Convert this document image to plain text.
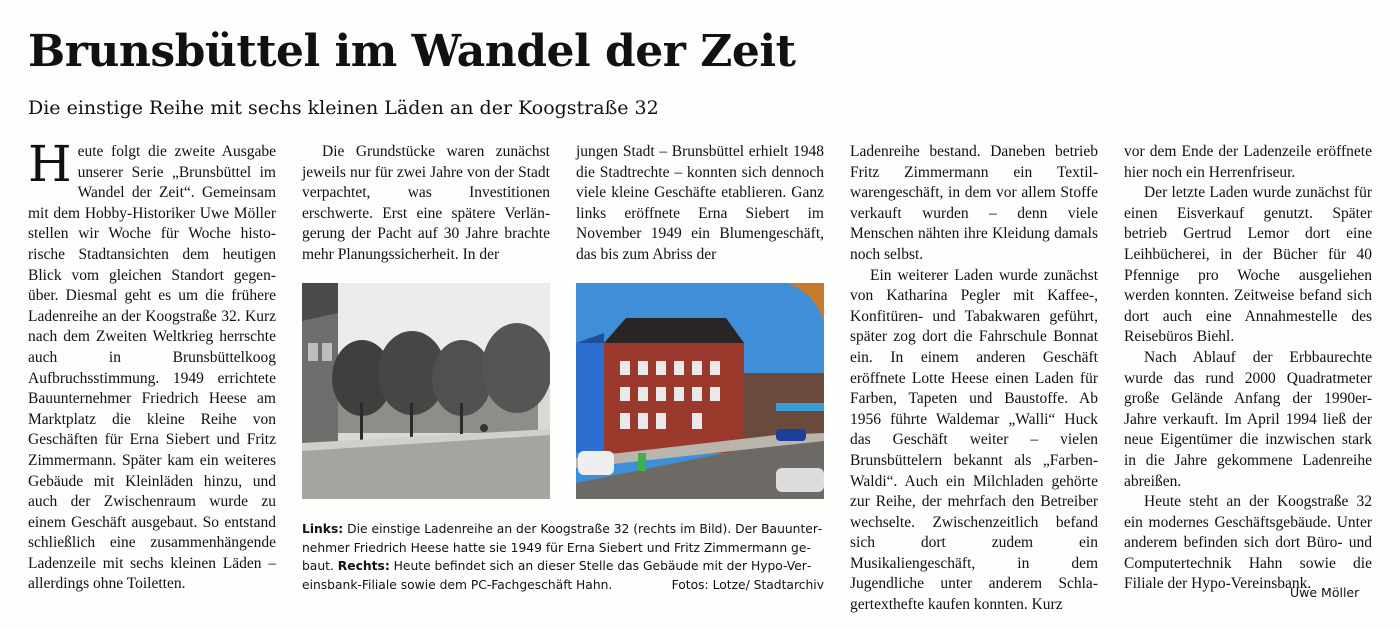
Brunsbüttel im Wandel der Zeit
Die einstige Reihe mit sechs kleinen Läden an der Koogstraße 32
H eute folgt die zweite Ausgabe unserer Serie „Brunsbüttel im Wandel der Zeit“. Gemeinsam mit dem Hobby-Historiker Uwe Möller stellen wir Woche für Woche historische Stadtansichten dem heutigen Blick vom gleichen Standort gegenüber. Diesmal geht es um die frühere Ladenreihe an der Koogstraße 32. Kurz nach dem Zweiten Weltkrieg herrschte auch in Brunsbüttelkoog Aufbruchsstimmung. 1949 errichtete Bauunternehmer Friedrich Heese am Marktplatz die kleine Reihe von Geschäften für Erna Siebert und Fritz Zimmermann. Später kam ein weiteres Gebäude mit Kleinläden hinzu, und auch der Zwischenraum wurde zu einem Geschäft ausgebaut. So entstand schließlich eine zusammenhängende Ladenzeile mit sechs kleinen Läden – allerdings ohne Toiletten.

Die Grundstücke waren zunächst jeweils nur für zwei Jahre von der Stadt verpachtet, was Investitionen erschwerte. Erst eine spätere Verlängerung der Pacht auf 30 Jahre brachte mehr Planungssicherheit. In der

jungen Stadt – Brunsbüttel erhielt 1948 die Stadtrechte – konnten sich dennoch viele kleine Geschäfte etablieren. Ganz links eröffnete Erna Siebert im November 1949 ein Blumengeschäft, das bis zum Abriss der

Ladenreihe bestand. Daneben betrieb Fritz Zimmermann ein Textilwarengeschäft, in dem vor allem Stoffe verkauft wurden – denn viele Menschen nähten ihre Kleidung damals noch selbst.

Ein weiterer Laden wurde zunächst von Katharina Pegler mit Kaffee-, Konfitüren- und Tabakwaren geführt, später zog dort die Fahrschule Bonnat ein. In einem anderen Geschäft eröffnete Lotte Heese einen Laden für Farben, Tapeten und Baustoffe. Ab 1956 führte Waldemar „Walli“ Huck das Geschäft weiter – vielen Brunsbüttelern bekannt als „Farben-Waldi“. Auch ein Milchladen gehörte zur Reihe, der mehrfach den Betreiber wechselte. Zwischenzeitlich befand sich dort zudem ein Musikaliengeschäft, in dem Jugendliche unter anderem Schlagertexthefte kaufen konnten. Kurz

vor dem Ende der Ladenzeile eröffnete hier noch ein Herrenfriseur.

Der letzte Laden wurde zunächst für einen Eisverkauf genutzt. Später betrieb Gertrud Lemor dort eine Leihbücherei, in der Bücher für 40 Pfennige pro Woche ausgeliehen werden konnten. Zeitweise befand sich dort auch eine Annahmestelle des Reisebüros Biehl.

Nach Ablauf der Erbbaurechte wurde das rund 2000 Quadratmeter große Gelände Anfang der 1990er-Jahre verkauft. Im April 1994 ließ der neue Eigentümer die inzwischen stark in die Jahre gekommene Ladenreihe abreißen.

Heute steht an der Koogstraße 32 ein modernes Geschäftsgebäude. Unter anderem befinden sich dort Büro- und Computertechnik Hahn sowie die Filiale der Hypo-Vereinsbank.

Links: Die einstige Ladenreihe an der Koogstraße 32 (rechts im Bild). Der Bauunternehmer Friedrich Heese hatte sie 1949 für Erna Siebert und Fritz Zimmermann gebaut. Rechts: Heute befindet sich an dieser Stelle das Gebäude mit der Hypo-Vereinsbank-Filiale sowie dem PC-Fachgeschäft Hahn.	Fotos: Lotze/ Stadtarchiv
Uwe Möller
